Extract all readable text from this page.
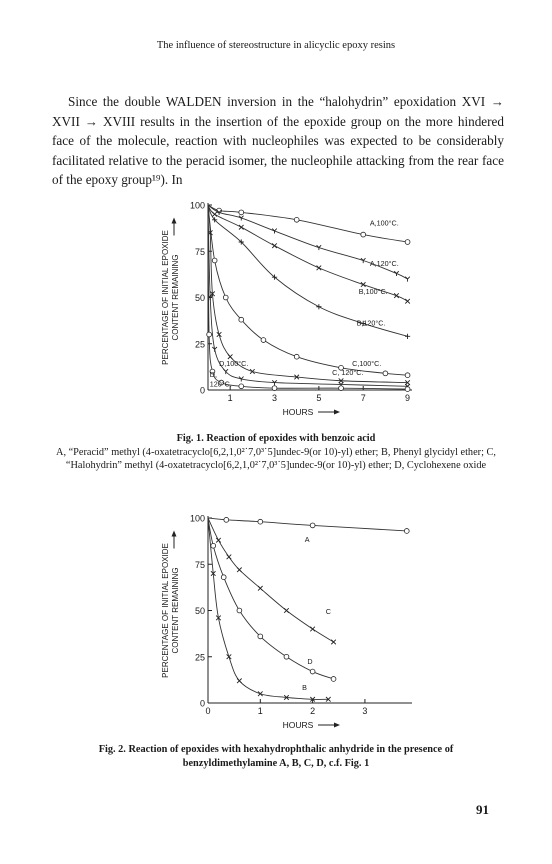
The influence of stereostructure in alicyclic epoxy resins

Since the double WALDEN inversion in the “halohydrin” epoxidation XVI → XVII → XVIII results in the insertion of the epoxide group on the more hindered face of the molecule, reaction with nucleophiles was expected to be considerably facilitated relative to the peracid isomer, the nucleophile attacking from the rear face of the epoxy group¹⁹). In

0
25
50
75
100
1	3	5	7	9
PERCENTAGE OF INITIAL EPOXIDE CONTENT REMAINING
HOURS
A,100°C.
A,120°C.
B,100°C.
B,120°C.
D,100°C.	C,100°C.
C, 120°C.
D,
120°C.
Fig. 1. Reaction of epoxides with benzoic acid
A, “Peracid” methyl (4-oxatetracyclo[6,2,1,0²˙7,0³˙5]undec-9(or 10)-yl) ether; B, Phenyl glycidyl ether; C, “Halohydrin” methyl (4-oxatetracyclo[6,2,1,0²˙7,0³˙5]undec-9(or 10)-yl) ether; D, Cyclohexene oxide
0
25
50
75
100
0	1	2	3
PERCENTAGE OF INITIAL EPOXIDE CONTENT REMAINING
HOURS
A
C
D
B
Fig. 2. Reaction of epoxides with hexahydrophthalic anhydride in the presence of benzyldimethylamine A, B, C, D, c.f. Fig. 1
91
